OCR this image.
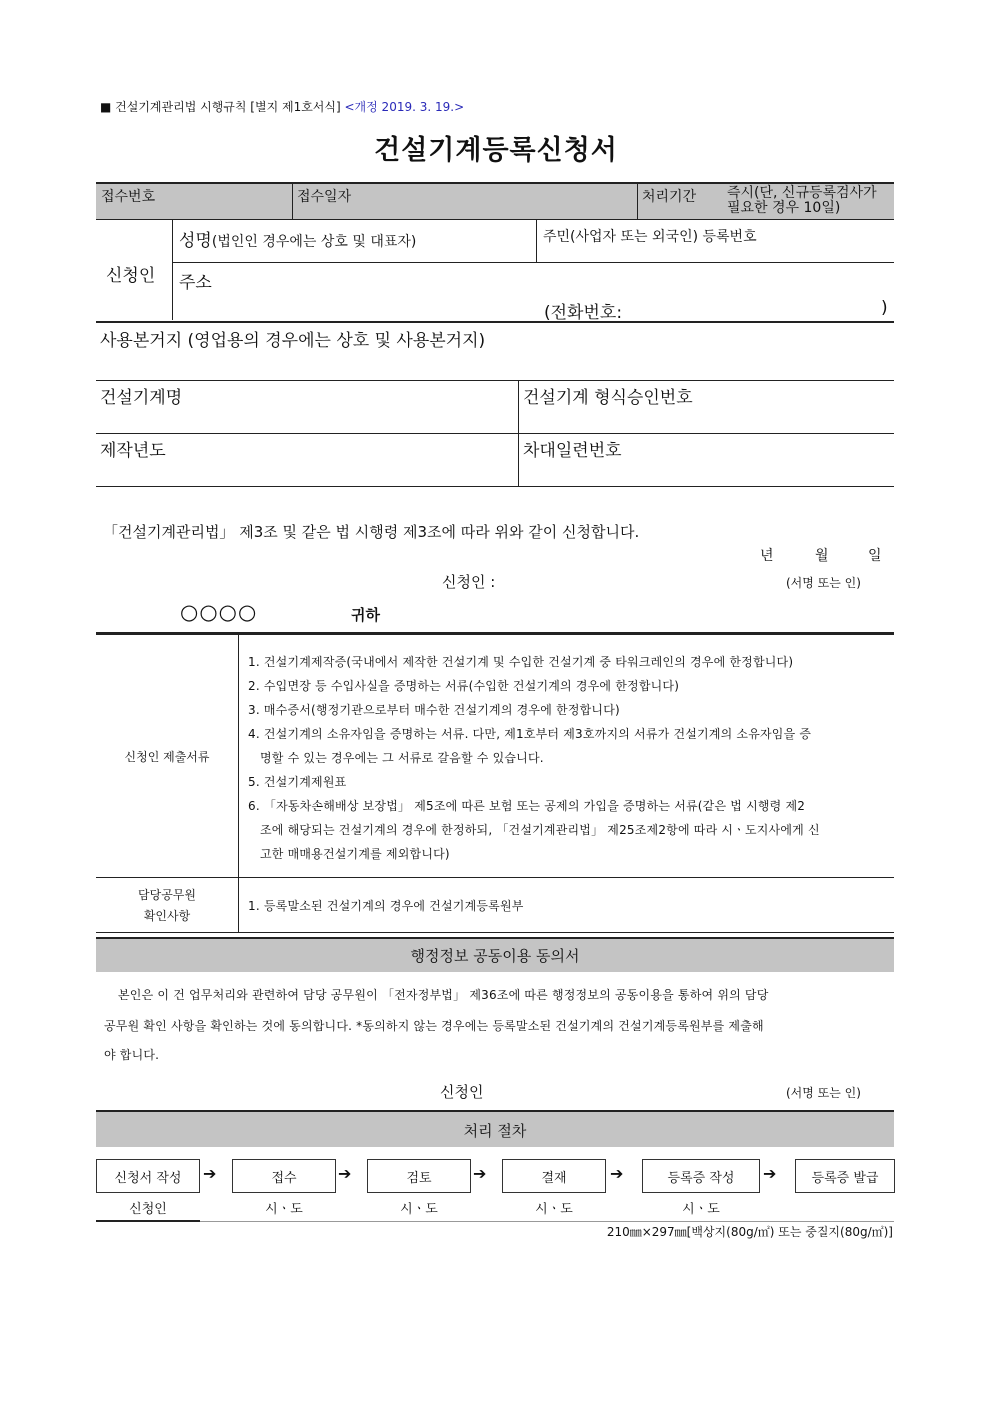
■ 건설기계관리법 시행규칙 [별지 제1호서식] <개정 2019. 3. 19.>
건설기계등록신청서
접수번호	접수일자	처리기간 즉시(단, 신규등록검사가
필요한 경우 10일)
신청인
성명(법인인 경우에는 상호 및 대표자)	주민(사업자 또는 외국인) 등록번호
주소
(전화번호:	)
사용본거지 (영업용의 경우에는 상호 및 사용본거지)
건설기계명	건설기계 형식승인번호
제작년도	차대일련번호
「건설기계관리법」 제3조 및 같은 법 시행령 제3조에 따라 위와 같이 신청합니다.
년	월	일
신청인 :	(서명 또는 인)
○○○○	귀하
신청인 제출서류
1. 건설기계제작증(국내에서 제작한 건설기계 및 수입한 건설기계 중 타워크레인의 경우에 한정합니다)
2. 수입면장 등 수입사실을 증명하는 서류(수입한 건설기계의 경우에 한정합니다)
3. 매수증서(행정기관으로부터 매수한 건설기계의 경우에 한정합니다)
4. 건설기계의 소유자임을 증명하는 서류. 다만, 제1호부터 제3호까지의 서류가 건설기계의 소유자임을 증
명할 수 있는 경우에는 그 서류로 갈음할 수 있습니다.
5. 건설기계제원표
6. 「자동차손해배상 보장법」 제5조에 따른 보험 또는 공제의 가입을 증명하는 서류(같은 법 시행령 제2
조에 해당되는 건설기계의 경우에 한정하되, 「건설기계관리법」 제25조제2항에 따라 시ㆍ도지사에게 신
고한 매매용건설기계를 제외합니다)
담당공무원
확인사항
1. 등록말소된 건설기계의 경우에 건설기계등록원부
행정정보 공동이용 동의서
본인은 이 건 업무처리와 관련하여 담당 공무원이 「전자정부법」 제36조에 따른 행정정보의 공동이용을 통하여 위의 담당
공무원 확인 사항을 확인하는 것에 동의합니다. *동의하지 않는 경우에는 등록말소된 건설기계의 건설기계등록원부를 제출해
야 합니다.
신청인	(서명 또는 인)
처리 절차
신청서 작성	➔	접수	➔	검토	➔	결재	➔	등록증 작성	➔	등록증 발급
신청인	시ㆍ도	시ㆍ도	시ㆍ도	시ㆍ도
210㎜×297㎜[백상지(80g/㎡) 또는 중질지(80g/㎡)]
